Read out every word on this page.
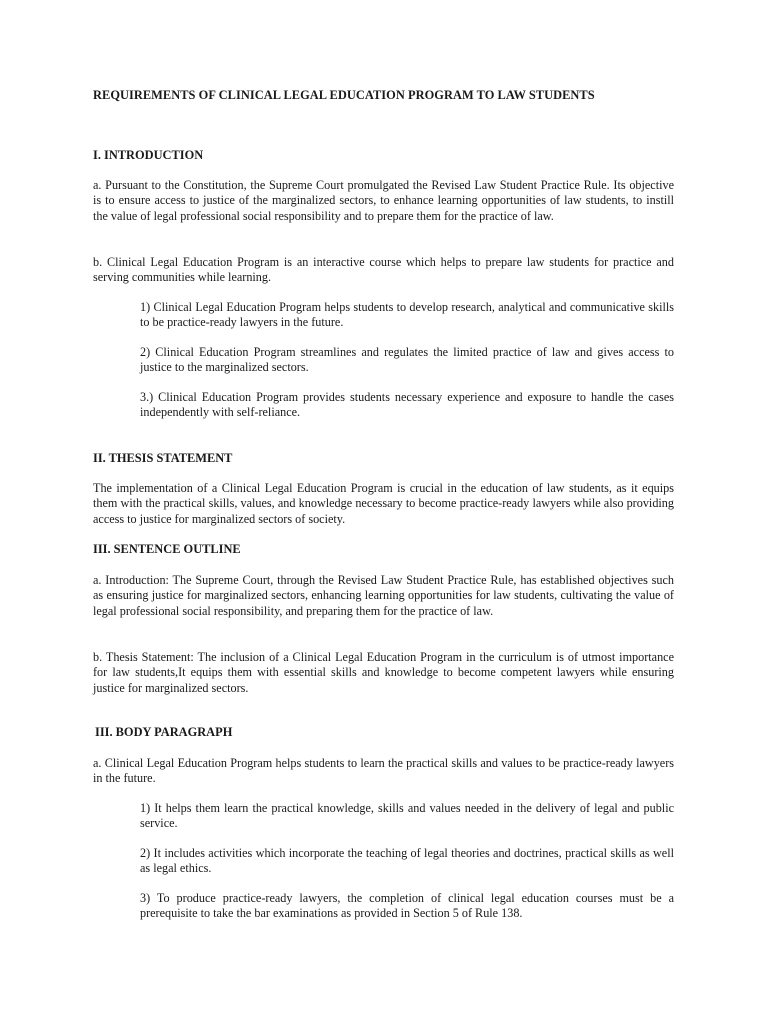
REQUIREMENTS OF CLINICAL LEGAL EDUCATION PROGRAM TO LAW STUDENTS
I. INTRODUCTION

a. Pursuant to the Constitution, the Supreme Court promulgated the Revised Law Student Practice Rule. Its objective is to ensure access to justice of the marginalized sectors, to enhance learning opportunities of law students, to instill the value of legal professional social responsibility and to prepare them for the practice of law.

b. Clinical Legal Education Program is an interactive course which helps to prepare law students for practice and serving communities while learning.

1) Clinical Legal Education Program helps students to develop research, analytical and communicative skills to be practice-ready lawyers in the future.

2) Clinical Education Program streamlines and regulates the limited practice of law and gives access to justice to the marginalized sectors.

3.) Clinical Education Program provides students necessary experience and exposure to handle the cases independently with self-reliance.

II. THESIS STATEMENT

The implementation of a Clinical Legal Education Program is crucial in the education of law students, as it equips them with the practical skills, values, and knowledge necessary to become practice-ready lawyers while also providing access to justice for marginalized sectors of society.

III. SENTENCE OUTLINE

a. Introduction: The Supreme Court, through the Revised Law Student Practice Rule, has established objectives such as ensuring justice for marginalized sectors, enhancing learning opportunities for law students, cultivating the value of legal professional social responsibility, and preparing them for the practice of law.

b. Thesis Statement: The inclusion of a Clinical Legal Education Program in the curriculum is of utmost importance for law students,It equips them with essential skills and knowledge to become competent lawyers while ensuring justice for marginalized sectors.

III. BODY PARAGRAPH

a. Clinical Legal Education Program helps students to learn the practical skills and values to be practice-ready lawyers in the future.

1) It helps them learn the practical knowledge, skills and values needed in the delivery of legal and public service.

2) It includes activities which incorporate the teaching of legal theories and doctrines, practical skills as well as legal ethics.

3) To produce practice-ready lawyers, the completion of clinical legal education courses must be a prerequisite to take the bar examinations as provided in Section 5 of Rule 138.
